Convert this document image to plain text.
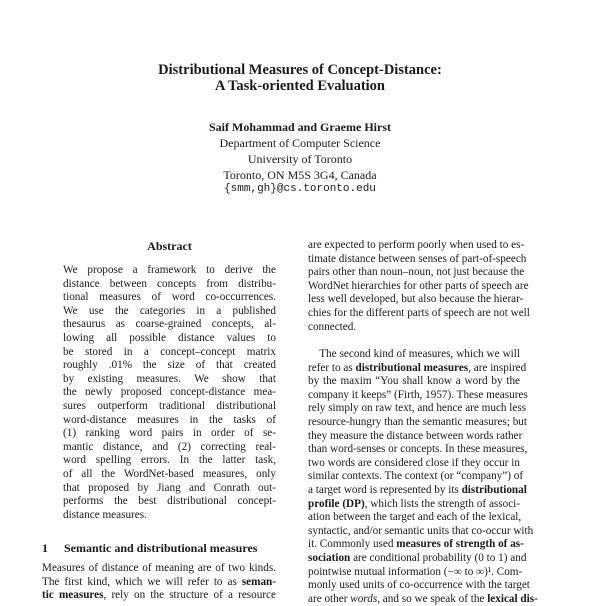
Distributional Measures of Concept-Distance:
A Task-oriented Evaluation
Saif Mohammad and Graeme Hirst
Department of Computer Science
University of Toronto
Toronto, ON M5S 3G4, Canada
{smm,gh}@cs.toronto.edu
Abstract
We propose a framework to derive the
distance between concepts from distribu-
tional measures of word co-occurrences.
We use the categories in a published
thesaurus as coarse-grained concepts, al-
lowing all possible distance values to
be stored in a concept–concept matrix
roughly .01% the size of that created
by existing measures. We show that
the newly proposed concept-distance mea-
sures outperform traditional distributional
word-distance measures in the tasks of
(1) ranking word pairs in order of se-
mantic distance, and (2) correcting real-
word spelling errors. In the latter task,
of all the WordNet-based measures, only
that proposed by Jiang and Conrath out-
performs the best distributional concept-
distance measures.
1 Semantic and distributional measures
Measures of distance of meaning are of two kinds.
The first kind, which we will refer to as seman-
tic measures, rely on the structure of a resource
are expected to perform poorly when used to es-
timate distance between senses of part-of-speech
pairs other than noun–noun, not just because the
WordNet hierarchies for other parts of speech are
less well developed, but also because the hierar-
chies for the different parts of speech are not well
connected.
 The second kind of measures, which we will
refer to as distributional measures, are inspired
by the maxim “You shall know a word by the
company it keeps” (Firth, 1957). These measures
rely simply on raw text, and hence are much less
resource-hungry than the semantic measures; but
they measure the distance between words rather
than word-senses or concepts. In these measures,
two words are considered close if they occur in
similar contexts. The context (or “company”) of
a target word is represented by its distributional
profile (DP), which lists the strength of associ-
ation between the target and each of the lexical,
syntactic, and/or semantic units that co-occur with
it. Commonly used measures of strength of as-
sociation are conditional probability (0 to 1) and
pointwise mutual information (−∞ to ∞)¹. Com-
monly used units of co-occurrence with the target
are other words, and so we speak of the lexical dis-
